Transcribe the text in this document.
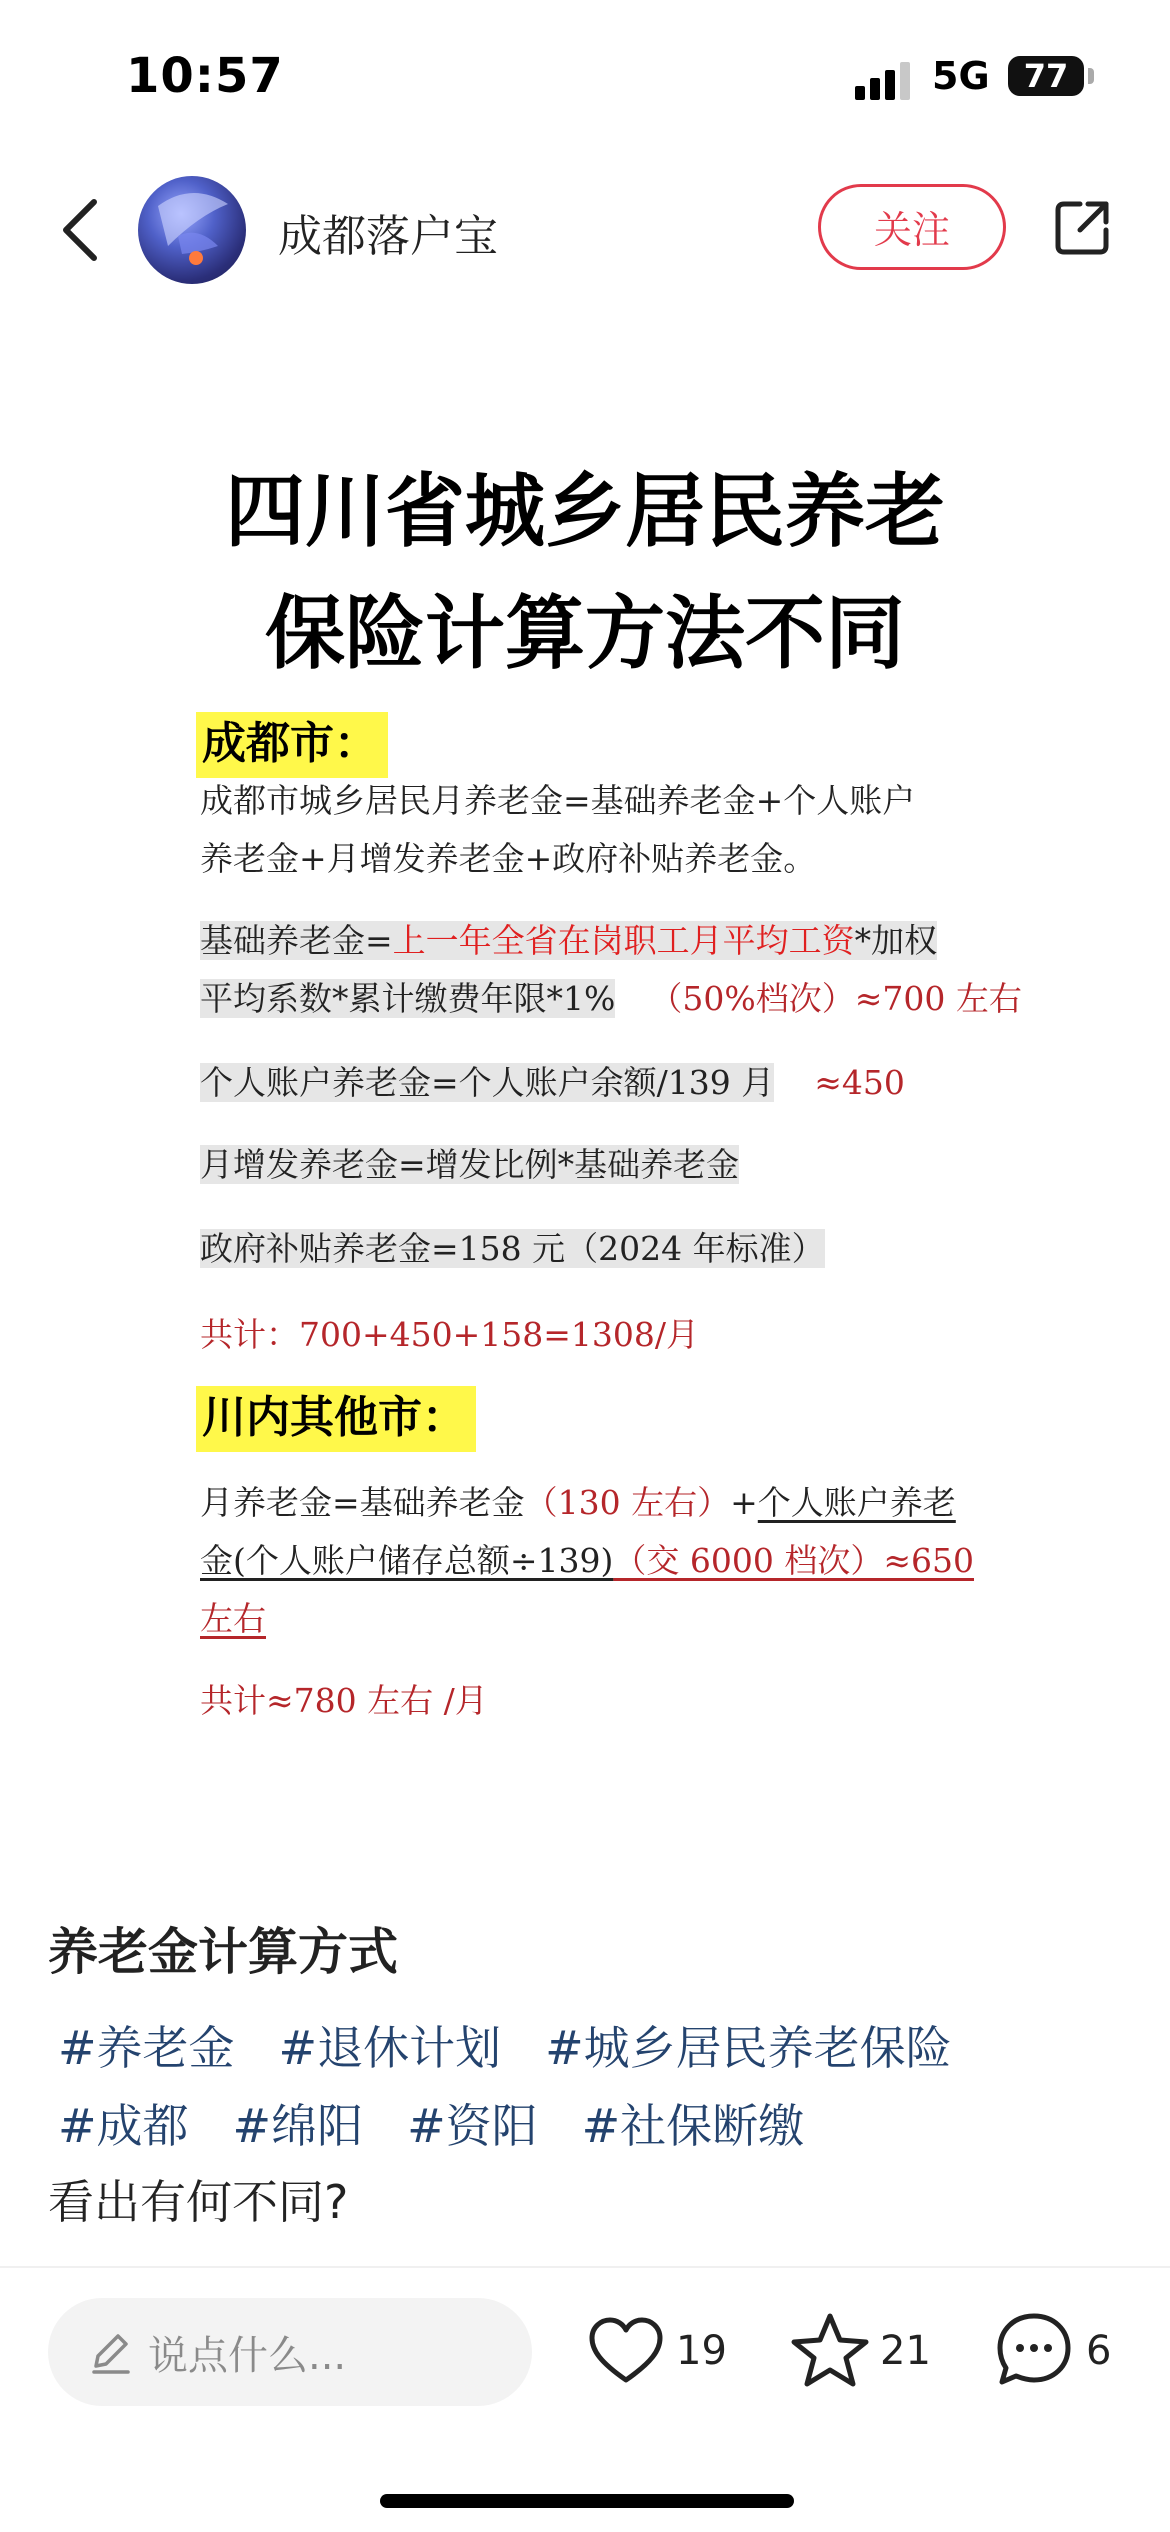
10:57	5G	77
成都落户宝	关注
四川省城乡居民养老
保险计算方法不同
成都市：
成都市城乡居民月养老金=基础养老金+个人账户
养老金+月增发养老金+政府补贴养老金。
基础养老金=上一年全省在岗职工月平均工资*加权
平均系数*累计缴费年限*1% （50%档次）≈700 左右
个人账户养老金=个人账户余额/139 月 ≈450
月增发养老金=增发比例*基础养老金
政府补贴养老金=158 元（2024 年标准）
共计：700+450+158=1308/月
川内其他市：
月养老金=基础养老金（130 左右）+个人账户养老
金(个人账户储存总额÷139)（交 6000 档次）≈650
左右
共计≈780 左右 /月
养老金计算方式
#养老金 #退休计划 #城乡居民养老保险
#成都 #绵阳 #资阳 #社保断缴
看出有何不同?
说点什么...	19	21	6
